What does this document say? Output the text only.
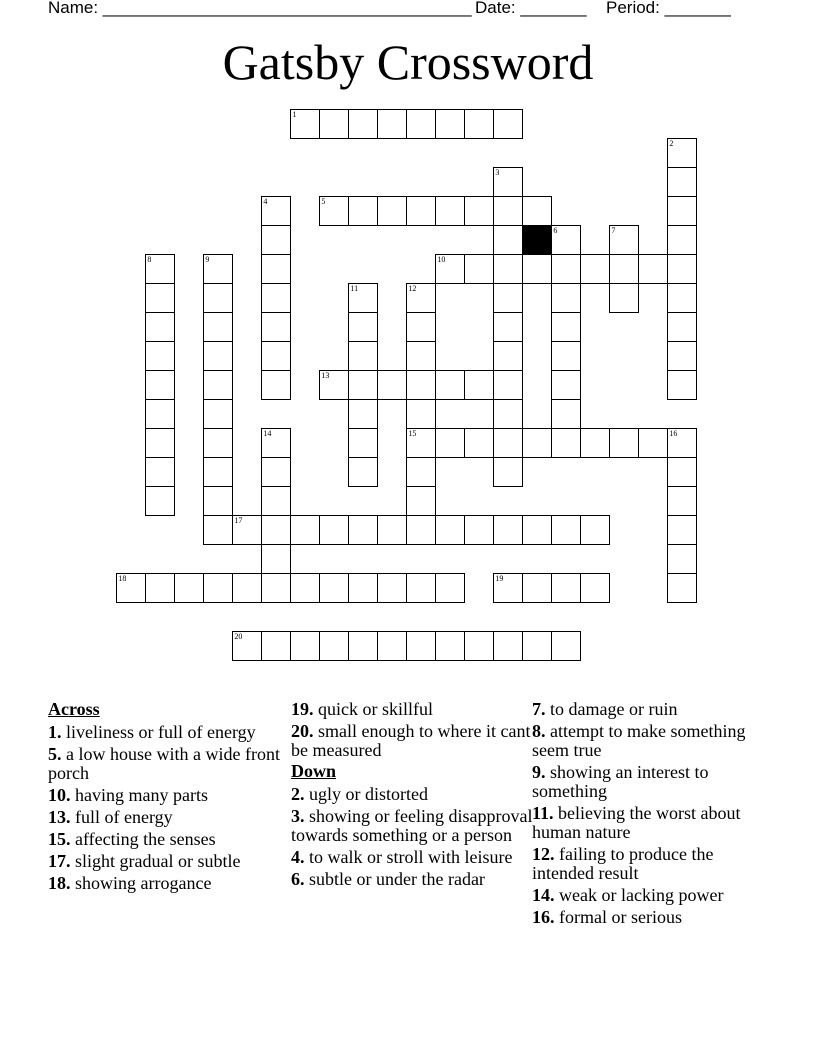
Name: _______________________________________

Date: _______

Period: _______

Gatsby Crossword
1
2
3
4	5
6	7
8	9	10
11	12
15
13
14	16
17
18	19
20
Across
1. liveliness or full of energy
5. a low house with a wide front porch
10. having many parts
13. full of energy
15. affecting the senses
17. slight gradual or subtle
18. showing arrogance
19. quick or skillful
20. small enough to where it cant be measured
Down
2. ugly or distorted
3. showing or feeling disapproval towards something or a person
4. to walk or stroll with leisure
6. subtle or under the radar
7. to damage or ruin
8. attempt to make something seem true
9. showing an interest to something
11. believing the worst about human nature
12. failing to produce the intended result
14. weak or lacking power
16. formal or serious
